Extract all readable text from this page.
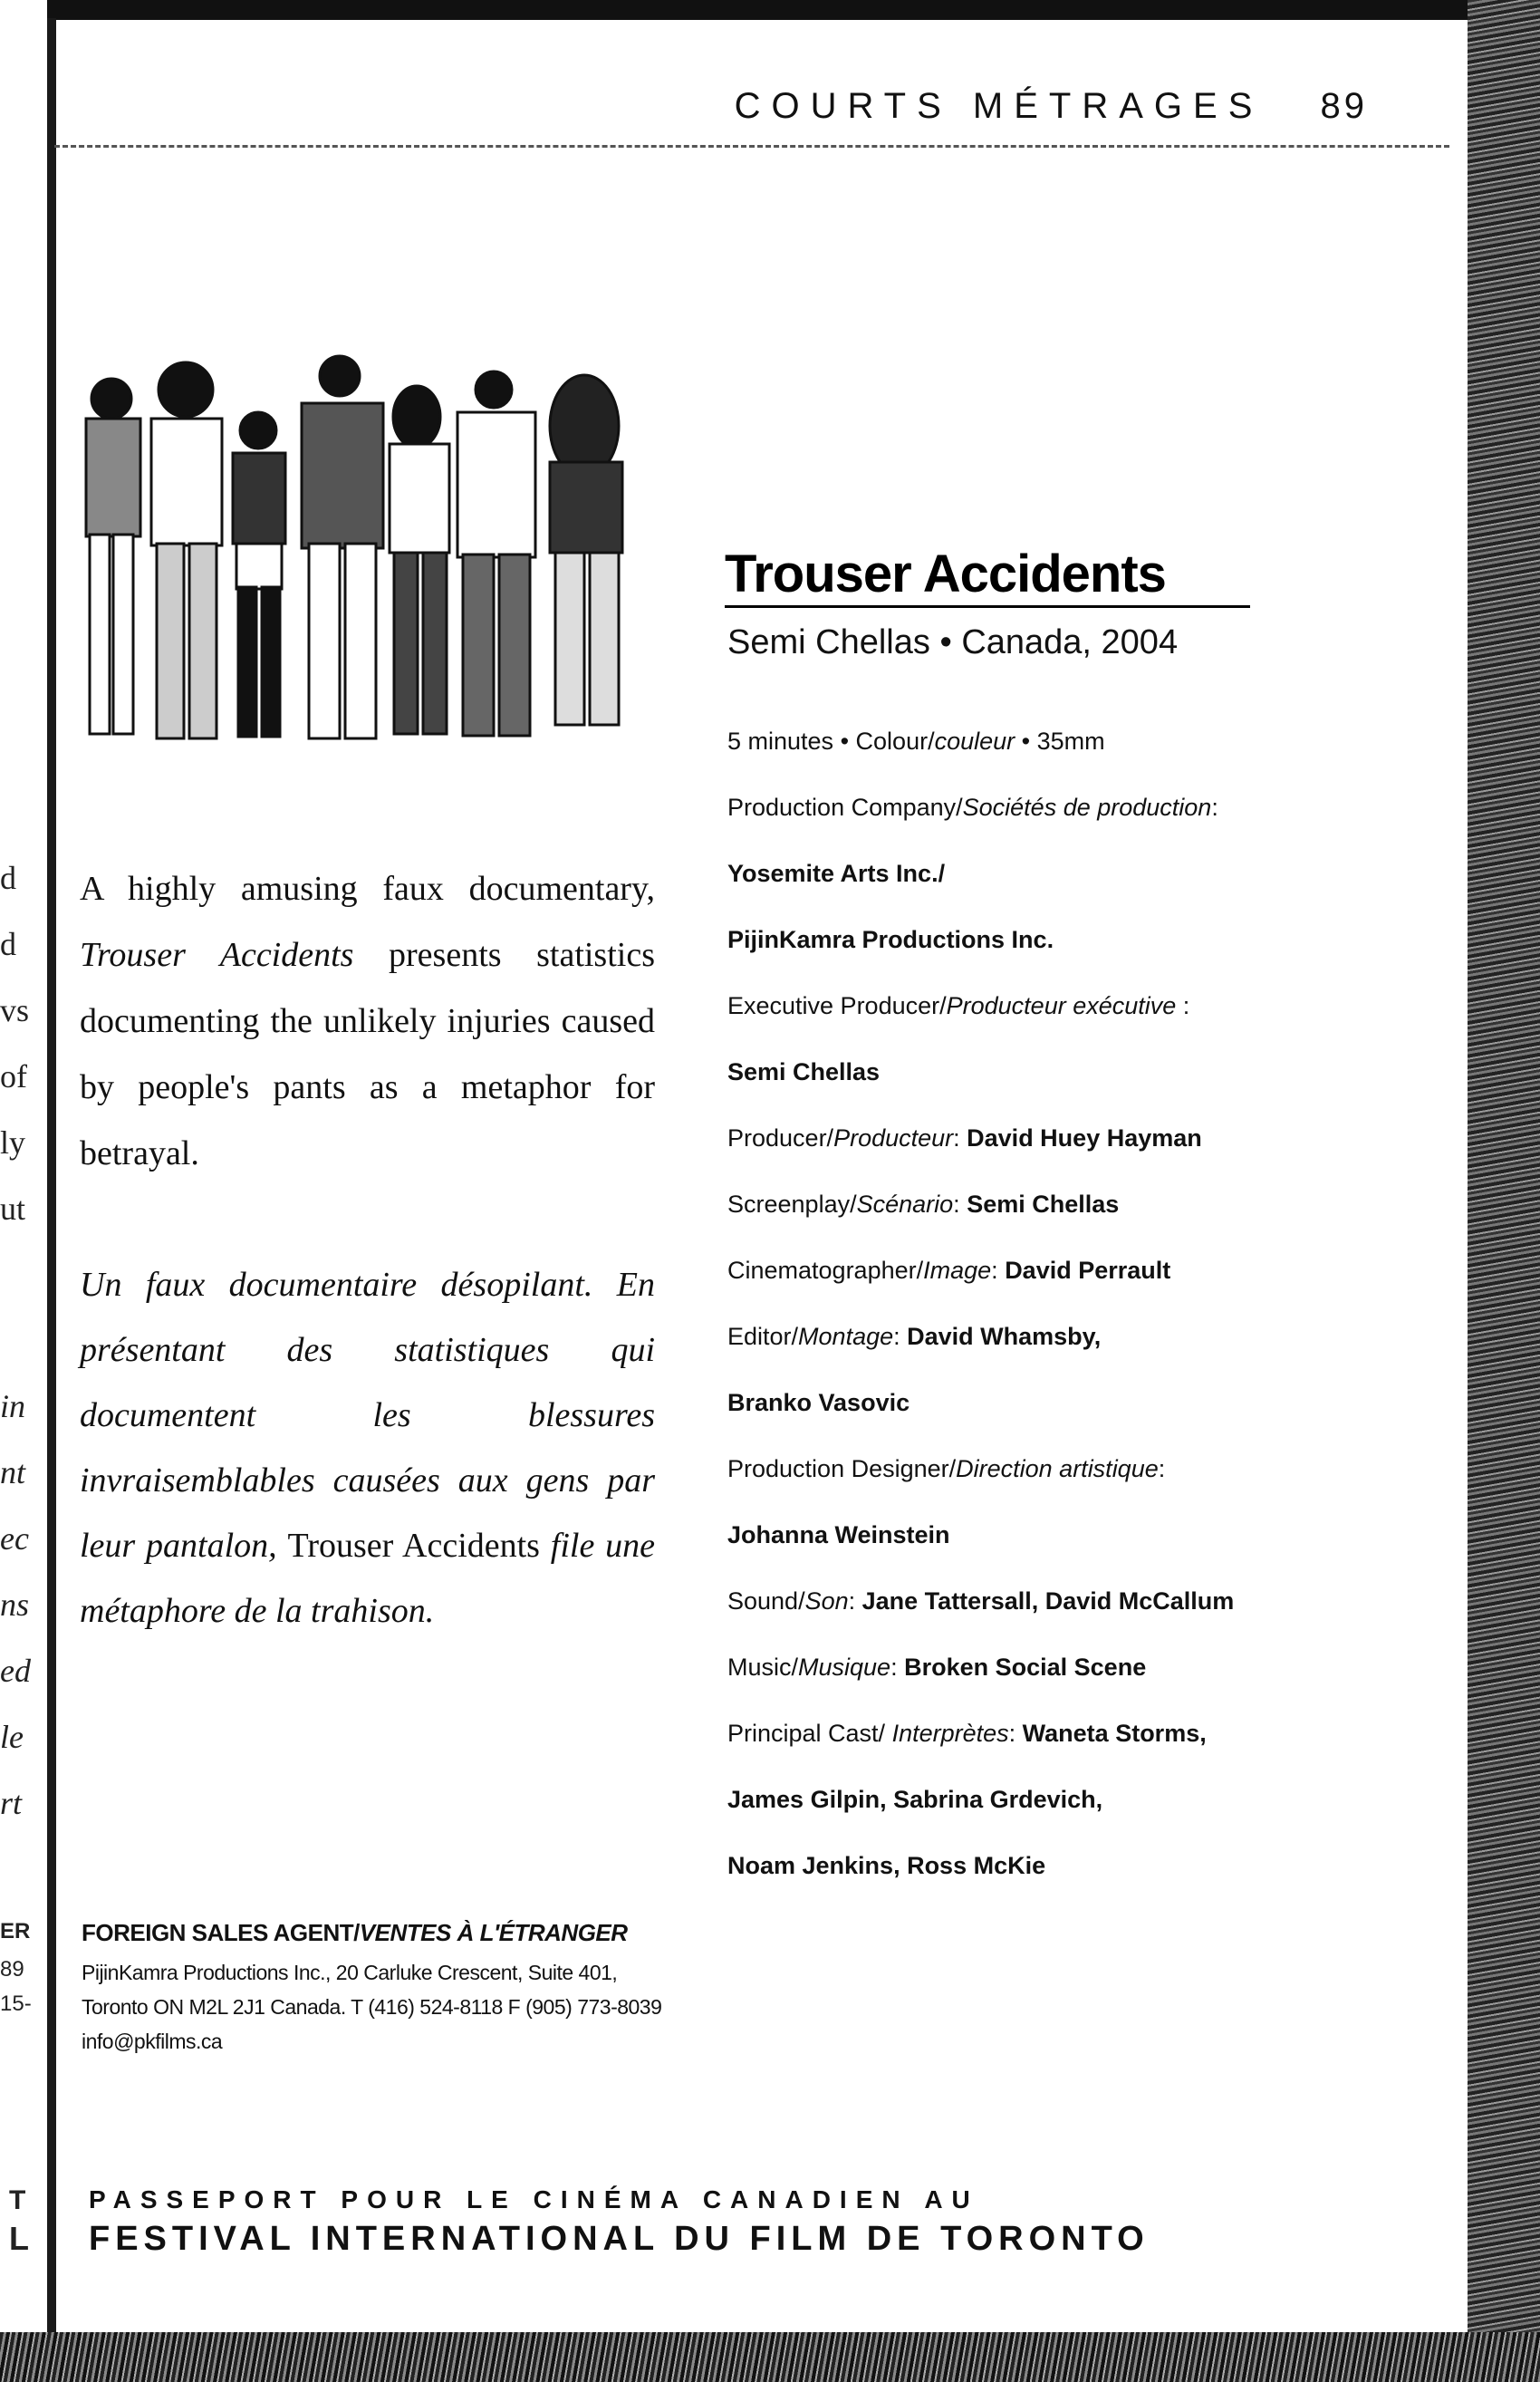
d
d
vs
of
ly
ut
in
nt
ec
ns
ed
le
rt
ER
89
15-
T
L
COURTS MÉTRAGES 89
Trouser Accidents
Semi Chellas • Canada, 2004
5 minutes • Colour/couleur • 35mm
Production Company/Sociétés de production:
Yosemite Arts Inc./
PijinKamra Productions Inc.
Executive Producer/Producteur exécutive :
Semi Chellas
Producer/Producteur: David Huey Hayman
Screenplay/Scénario: Semi Chellas
Cinematographer/Image: David Perrault
Editor/Montage: David Whamsby,
Branko Vasovic
Production Designer/Direction artistique:
Johanna Weinstein
Sound/Son: Jane Tattersall, David McCallum
Music/Musique: Broken Social Scene
Principal Cast/ Interprètes: Waneta Storms,
James Gilpin, Sabrina Grdevich,
Noam Jenkins, Ross McKie
A highly amusing faux documentary, Trouser Accidents presents statistics documenting the unlikely injuries caused by people's pants as a metaphor for betrayal.
Un faux documentaire désopilant. En présentant des statistiques qui documentent les blessures invraisemblables causées aux gens par leur pantalon, Trouser Accidents file une métaphore de la trahison.
FOREIGN SALES AGENT/VENTES À L'ÉTRANGER
PijinKamra Productions Inc., 20 Carluke Crescent, Suite 401,
Toronto ON M2L 2J1 Canada. T (416) 524-8118 F (905) 773-8039
info@pkfilms.ca
PASSEPORT POUR LE CINÉMA CANADIEN AU
FESTIVAL INTERNATIONAL DU FILM DE TORONTO
